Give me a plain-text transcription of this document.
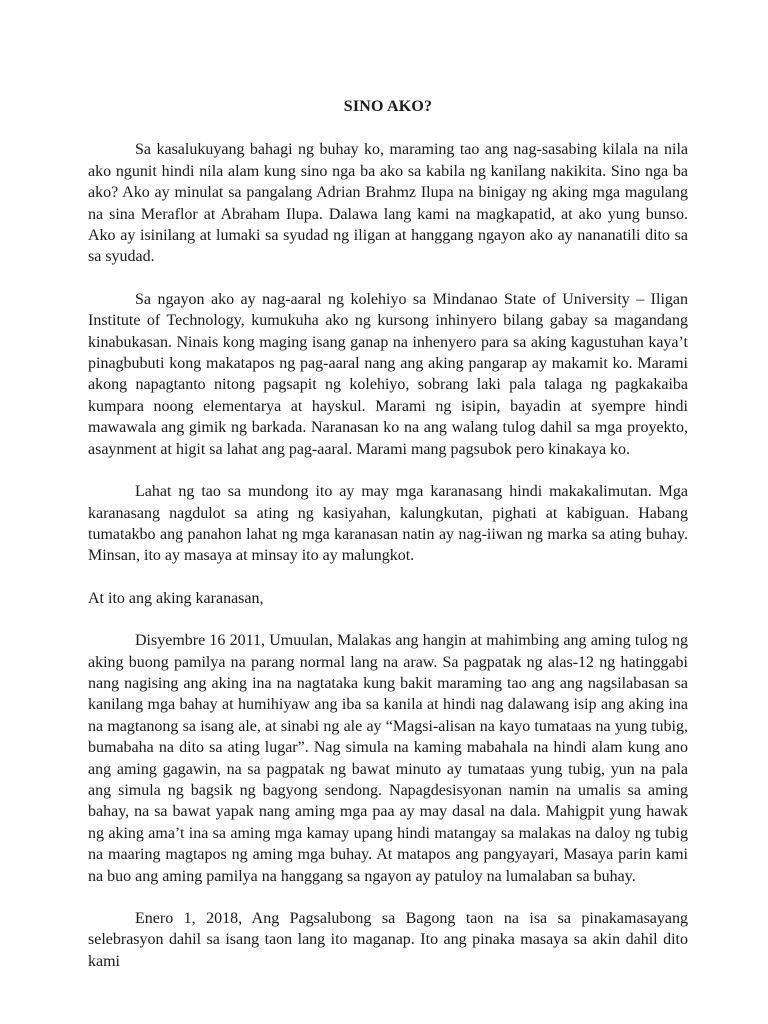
SINO AKO?

Sa kasalukuyang bahagi ng buhay ko, maraming tao ang nag-sasabing kilala na nila ako ngunit hindi nila alam kung sino nga ba ako sa kabila ng kanilang nakikita. Sino nga ba ako? Ako ay minulat sa pangalang Adrian Brahmz Ilupa na binigay ng aking mga magulang na sina Meraflor at Abraham Ilupa. Dalawa lang kami na magkapatid, at ako yung bunso. Ako ay isinilang at lumaki sa syudad ng iligan at hanggang ngayon ako ay nananatili dito sa sa syudad.

Sa ngayon ako ay nag-aaral ng kolehiyo sa Mindanao State of University – Iligan Institute of Technology, kumukuha ako ng kursong inhinyero bilang gabay sa magandang kinabukasan. Ninais kong maging isang ganap na inhenyero para sa aking kagustuhan kaya’t pinagbubuti kong makatapos ng pag-aaral nang ang aking pangarap ay makamit ko. Marami akong napagtanto nitong pagsapit ng kolehiyo, sobrang laki pala talaga ng pagkakaiba kumpara noong elementarya at hayskul. Marami ng isipin, bayadin at syempre hindi mawawala ang gimik ng barkada. Naranasan ko na ang walang tulog dahil sa mga proyekto, asaynment at higit sa lahat ang pag-aaral. Marami mang pagsubok pero kinakaya ko.

Lahat ng tao sa mundong ito ay may mga karanasang hindi makakalimutan. Mga karanasang nagdulot sa ating ng kasiyahan, kalungkutan, pighati at kabiguan. Habang tumatakbo ang panahon lahat ng mga karanasan natin ay nag-iiwan ng marka sa ating buhay. Minsan, ito ay masaya at minsay ito ay malungkot.

At ito ang aking karanasan,

Disyembre 16 2011, Umuulan, Malakas ang hangin at mahimbing ang aming tulog ng aking buong pamilya na parang normal lang na araw. Sa pagpatak ng alas-12 ng hatinggabi nang nagising ang aking ina na nagtataka kung bakit maraming tao ang ang nagsilabasan sa kanilang mga bahay at humihiyaw ang iba sa kanila at hindi nag dalawang isip ang aking ina na magtanong sa isang ale, at sinabi ng ale ay “Magsi-alisan na kayo tumataas na yung tubig, bumabaha na dito sa ating lugar”. Nag simula na kaming mabahala na hindi alam kung ano ang aming gagawin, na sa pagpatak ng bawat minuto ay tumataas yung tubig, yun na pala ang simula ng bagsik ng bagyong sendong. Napagdesisyonan namin na umalis sa aming bahay, na sa bawat yapak nang aming mga paa ay may dasal na dala. Mahigpit yung hawak ng aking ama’t ina sa aming mga kamay upang hindi matangay sa malakas na daloy ng tubig na maaring magtapos ng aming mga buhay. At matapos ang pangyayari, Masaya parin kami na buo ang aming pamilya na hanggang sa ngayon ay patuloy na lumalaban sa buhay.

Enero 1, 2018, Ang Pagsalubong sa Bagong taon na isa sa pinakamasayang selebrasyon dahil sa isang taon lang ito maganap. Ito ang pinaka masaya sa akin dahil dito kami
